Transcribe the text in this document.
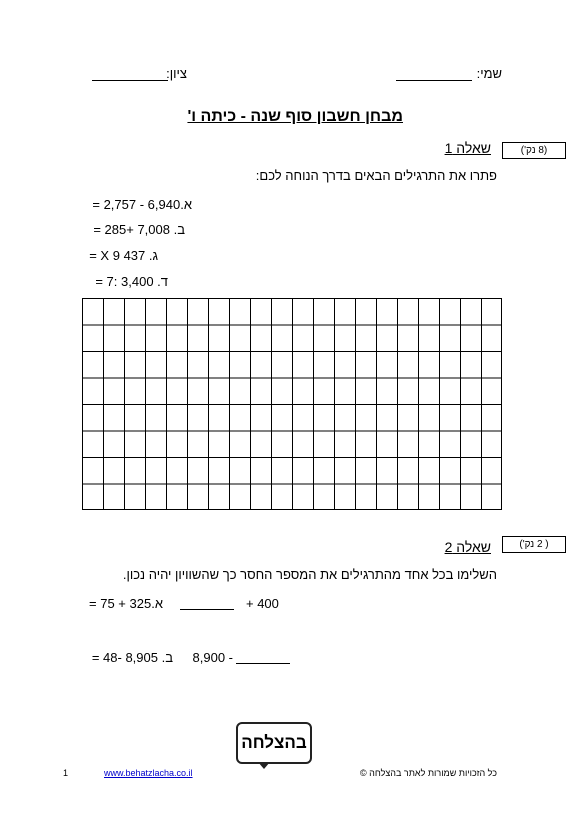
שמי:
ציון:
מבחן חשבון סוף שנה - כיתה ו'
(8 נק')
שאלה 1
פתרו את התרגילים הבאים בדרך הנוחה לכם:
א.6,940 - 2,757 =
ב. 7,008 +285 =
ג. 437 X 9 =
ד. 3,400 :7 =
( 2 נק')
שאלה 2
השלימו בכל אחד מהתרגילים את המספר החסר כך שהשוויון יהיה נכון.
א.325 + 75 =	+ 400
ב. 8,905 -48 = 8,900 -
בהצלחה
1	www.behatzlacha.co.il	כל הזכויות שמורות לאתר בהצלחה ©
